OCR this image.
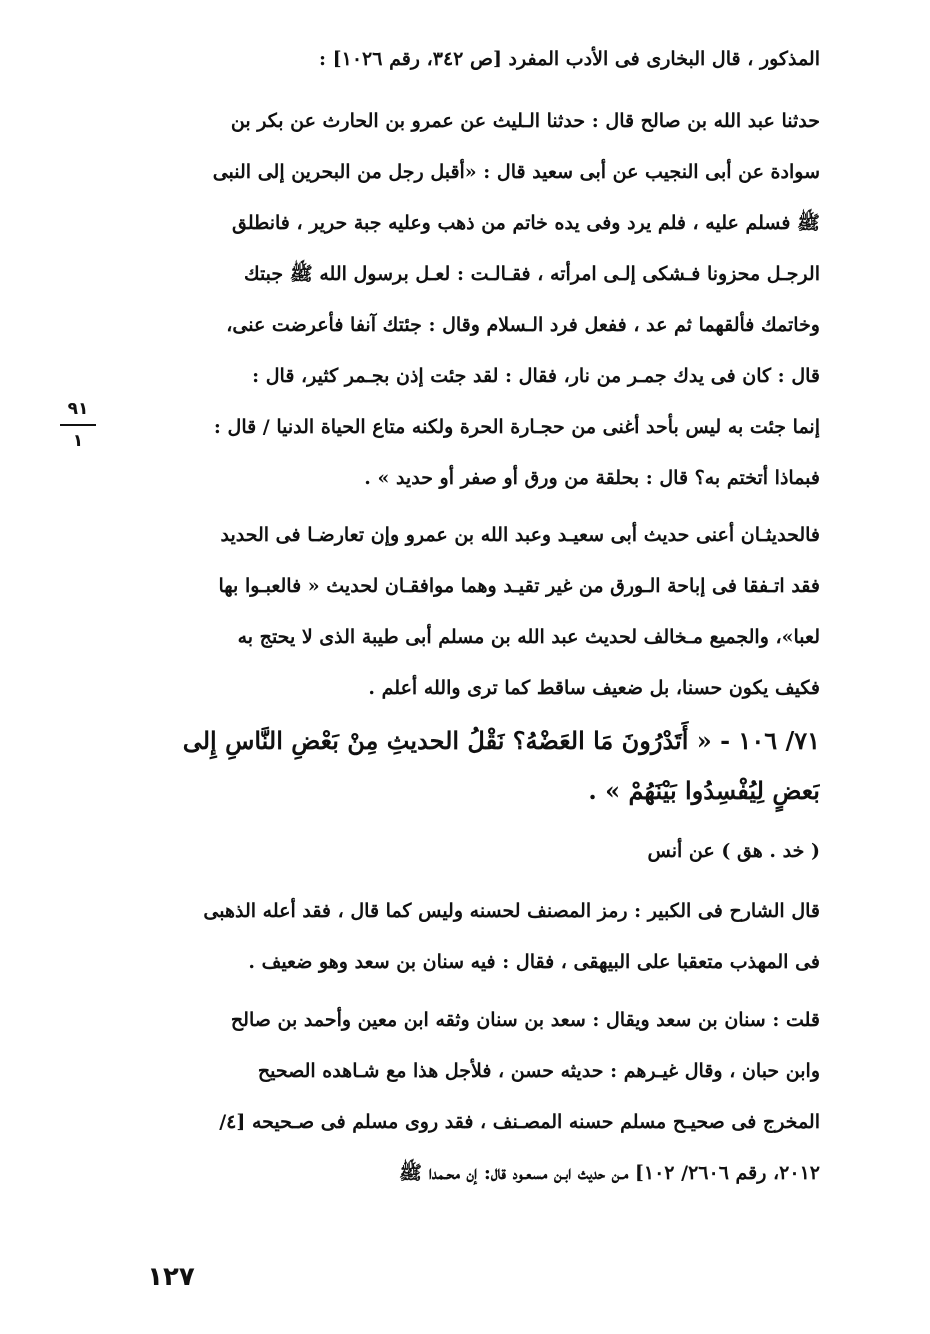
المذكور ، قال البخارى فى الأدب المفرد [ص ٣٤٢، رقم ١٠٢٦] :
حدثنا عبد الله بن صالح قال : حدثنا الـليث عن عمرو بن الحارث عن بكر بن
سوادة عن أبى النجيب عن أبى سعيد قال : «أقبل رجل من البحرين إلى النبى
ﷺ فسلم عليه ، فلم يرد وفى يده خاتم من ذهب وعليه جبة حرير ، فانطلق
الرجـل محزونا فـشكى إلـى امرأته ، فقـالـت : لعـل برسول الله ﷺ جبتك
وخاتمك فألقهما ثم عد ، ففعل فرد الـسلام وقال : جئتك آنفا فأعرضت عنى،
قال : كان فى يدك جمـر من نار، فقال : لقد جئت إذن بجـمر كثير، قال :
إنما جئت به ليس بأحد أغنى من حجـارة الحرة ولكنه متاع الحياة الدنيا / قال :
فبماذا أتختم به؟ قال : بحلقة من ورق أو صفر أو حديد » .
٩١
١
فالحديثـان أعنى حديث أبى سعيـد وعبد الله بن عمرو وإن تعارضـا فى الحديد
فقد اتـفقا فى إباحة الـورق من غير تقيـد وهما موافقـان لحديث « فالعبـوا بها
لعبا»، والجميع مـخالف لحديث عبد الله بن مسلم أبى طيبة الذى لا يحتج به
فكيف يكون حسنا، بل ضعيف ساقط كما ترى والله أعلم .
٧١/ ١٠٦ - « أَتَدْرُونَ مَا العَضْهُ؟ نَقْلُ الحديثِ مِنْ بَعْضِ النَّاسِ إِلى
بَعضٍ لِيُفْسِدُوا بَيْنَهُمْ » .
( خد . هق ) عن أنس
قال الشارح فى الكبير : رمز المصنف لحسنه وليس كما قال ، فقد أعله الذهبى
فى المهذب متعقبا على البيهقى ، فقال : فيه سنان بن سعد وهو ضعيف .
قلت : سنان بن سعد ويقال : سعد بن سنان وثقه ابن معين وأحمد بن صالح
وابن حبان ، وقال غيـرهم : حديثه حسن ، فلأجل هذا مع شـاهده الصحيح
المخرج فى صحيـح مسلم حسنه المصـنف ، فقد روى مسلم فى صـحيحه [٤/
٢٠١٢، رقم ٢٦٠٦/ ١٠٢] مـن حديث ابـن مسعـود قال: إن محـمدا ﷺ
١٢٧
